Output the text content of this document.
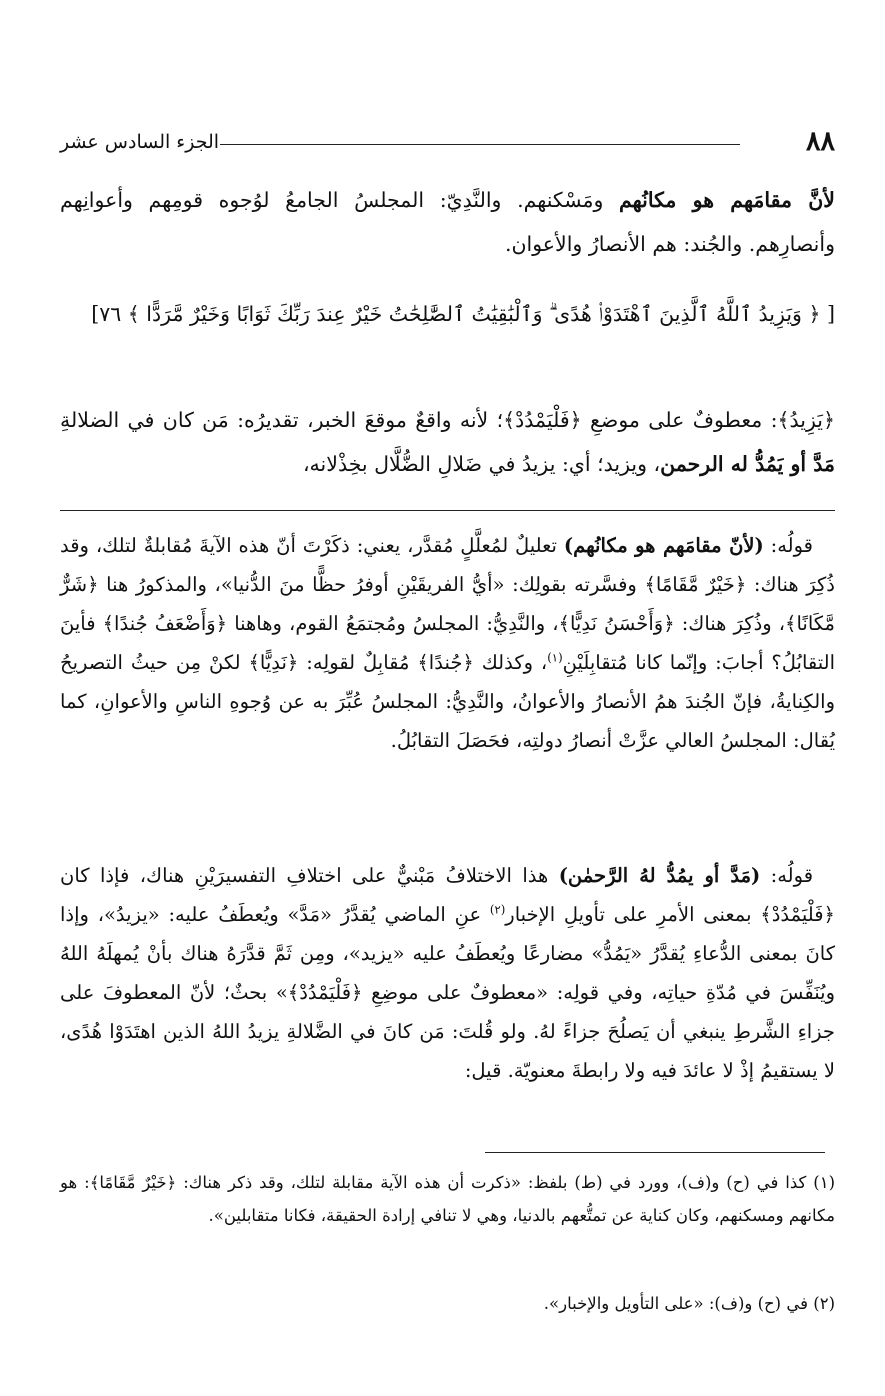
٨٨
الجزء السادس عشر
لأنَّ مقامَهم هو مكانُهم ومَسْكنهم. والنَّدِيّ: المجلسُ الجامعُ لوُجوه قومِهم وأعوانِهم وأنصارِهم. والجُند: هم الأنصارُ والأعوان.
[ ﴿ وَيَزِيدُ ٱللَّهُ ٱلَّذِينَ ٱهْتَدَوْا۟ هُدًى ۗ وَٱلْبَٰقِيَٰتُ ٱلصَّٰلِحَٰتُ خَيْرٌ عِندَ رَبِّكَ ثَوَابًا وَخَيْرٌ مَّرَدًّا ﴾ ٧٦]
﴿يَزِيدُ﴾: معطوفٌ على موضعِ ﴿فَلْيَمْدُدْ﴾؛ لأنه واقعٌ موقعَ الخبر، تقديرُه: مَن كان في الضلالةِ مَدَّ أو يَمُدُّ له الرحمن، ويزيد؛ أي: يزيدُ في ضَلالِ الضُّلَّال بخِذْلانه،
قولُه: (لأنّ مقامَهم هو مكانُهم) تعليلٌ لمُعلَّلٍ مُقدَّر، يعني: ذكَرْتَ أنّ هذه الآيةَ مُقابلةٌ لتلك، وقد ذُكِرَ هناك: ﴿خَيْرٌ مَّقَامًا﴾ وفسَّرته بقولِك: «أيُّ الفريقَيْنِ أوفرُ حظًّا منَ الدُّنيا»، والمذكورُ هنا ﴿شَرٌّ مَّكَانًا﴾، وذُكِرَ هناك: ﴿وَأَحْسَنُ نَدِيًّا﴾، والنَّدِيُّ: المجلسُ ومُجتمَعُ القوم، وهاهنا ﴿وَأَضْعَفُ جُندًا﴾ فأينَ التقابُلُ؟ أجابَ: وإنّما كانا مُتقابِلَيْنِ$^{(١)}$، وكذلك ﴿جُندًا﴾ مُقابِلٌ لقولِه: ﴿نَدِيًّا﴾ لكنْ مِن حيثُ التصريحُ والكِنايةُ، فإنّ الجُندَ همُ الأنصارُ والأعوانُ، والنَّدِيُّ: المجلسُ عُبِّرَ به عن وُجوهِ الناسِ والأعوانِ، كما يُقال: المجلسُ العالي عزَّتْ أنصارُ دولتِه، فحَصَلَ التقابُلُ.
قولُه: (مَدَّ أو يمُدُّ لهُ الرَّحمٰن) هذا الاختلافُ مَبْنيٌّ على اختلافِ التفسيرَيْنِ هناك، فإذا كان ﴿فَلْيَمْدُدْ﴾ بمعنى الأمرِ على تأويلِ الإخبار$^{(٢)}$ عنِ الماضي يُقدَّرُ «مَدَّ» ويُعطَفُ عليه: «يزيدُ»، وإذا كانَ بمعنى الدُّعاءِ يُقدَّرُ «يَمُدُّ» مضارعًا ويُعطَفُ عليه «يزيد»، ومِن ثَمَّ قدَّرَهُ هناك بأنْ يُمهلَهُ اللهُ ويُنَفِّسَ في مُدّةِ حياتِه، وفي قولِه: «معطوفٌ على موضِعِ ﴿فَلْيَمْدُدْ﴾» بحثٌ؛ لأنّ المعطوفَ على جزاءِ الشَّرطِ ينبغي أن يَصلُحَ جزاءً لهُ. ولو قُلتَ: مَن كانَ في الضَّلالةِ يزيدُ اللهُ الذين اهتَدَوْا هُدًى، لا يستقيمُ إذْ لا عائدَ فيه ولا رابطةَ معنويّة. قيل:
(١) كذا في (ح) و(ف)، وورد في (ط) بلفظ: «ذكرت أن هذه الآية مقابلة لتلك، وقد ذكر هناك: ﴿خَيْرٌ مَّقَامًا﴾: هو مكانهم ومسكنهم، وكان كناية عن تمتُّعهم بالدنيا، وهي لا تنافي إرادة الحقيقة، فكانا متقابلين».
(٢) في (ح) و(ف): «على التأويل والإخبار».
